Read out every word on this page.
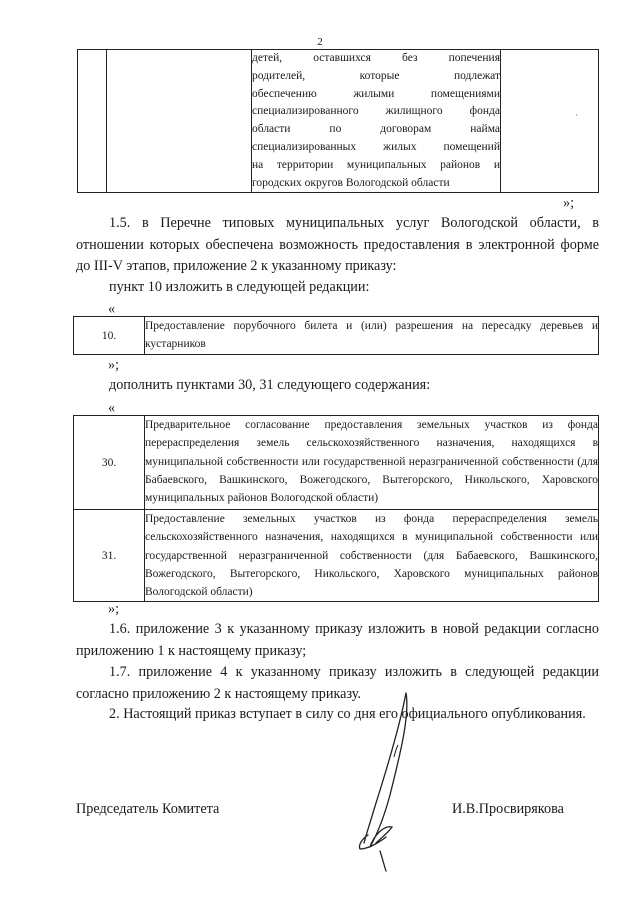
2

детей, оставшихся без попечения
родителей, которые подлежат
обеспечению жилыми помещениями
специализированного жилищного фонда
области по договорам найма
специализированных жилых помещений
на территории муниципальных районов и
городских округов Вологодской области

·
»;
1.5. в Перечне типовых муниципальных услуг Вологодской области, в отношении которых обеспечена возможность предоставления в электронной форме до III-V этапов, приложение 2 к указанному приказу:
пункт 10 изложить в следующей редакции:
«
10.	Предоставление порубочного билета и (или) разрешения на пересадку деревьев и кустарников
»;
дополнить пунктами 30, 31 следующего содержания:
«
30.	Предварительное согласование предоставления земельных участков из фонда перераспределения земель сельскохозяйственного назначения, находящихся в муниципальной собственности или государственной неразграниченной собственности (для Бабаевского, Вашкинского, Вожегодского, Вытегорского, Никольского, Харовского муниципальных районов Вологодской области)
31.	Предоставление земельных участков из фонда перераспределения земель сельскохозяйственного назначения, находящихся в муниципальной собственности или государственной неразграниченной собственности (для Бабаевского, Вашкинского, Вожегодского, Вытегорского, Никольского, Харовского муниципальных районов Вологодской области)
»;
1.6. приложение 3 к указанному приказу изложить в новой редакции согласно приложению 1 к настоящему приказу;
1.7. приложение 4 к указанному приказу изложить в следующей редакции согласно приложению 2 к настоящему приказу.
2. Настоящий приказ вступает в силу со дня его официального опубликования.
Председатель Комитета	И.В.Просвирякова
